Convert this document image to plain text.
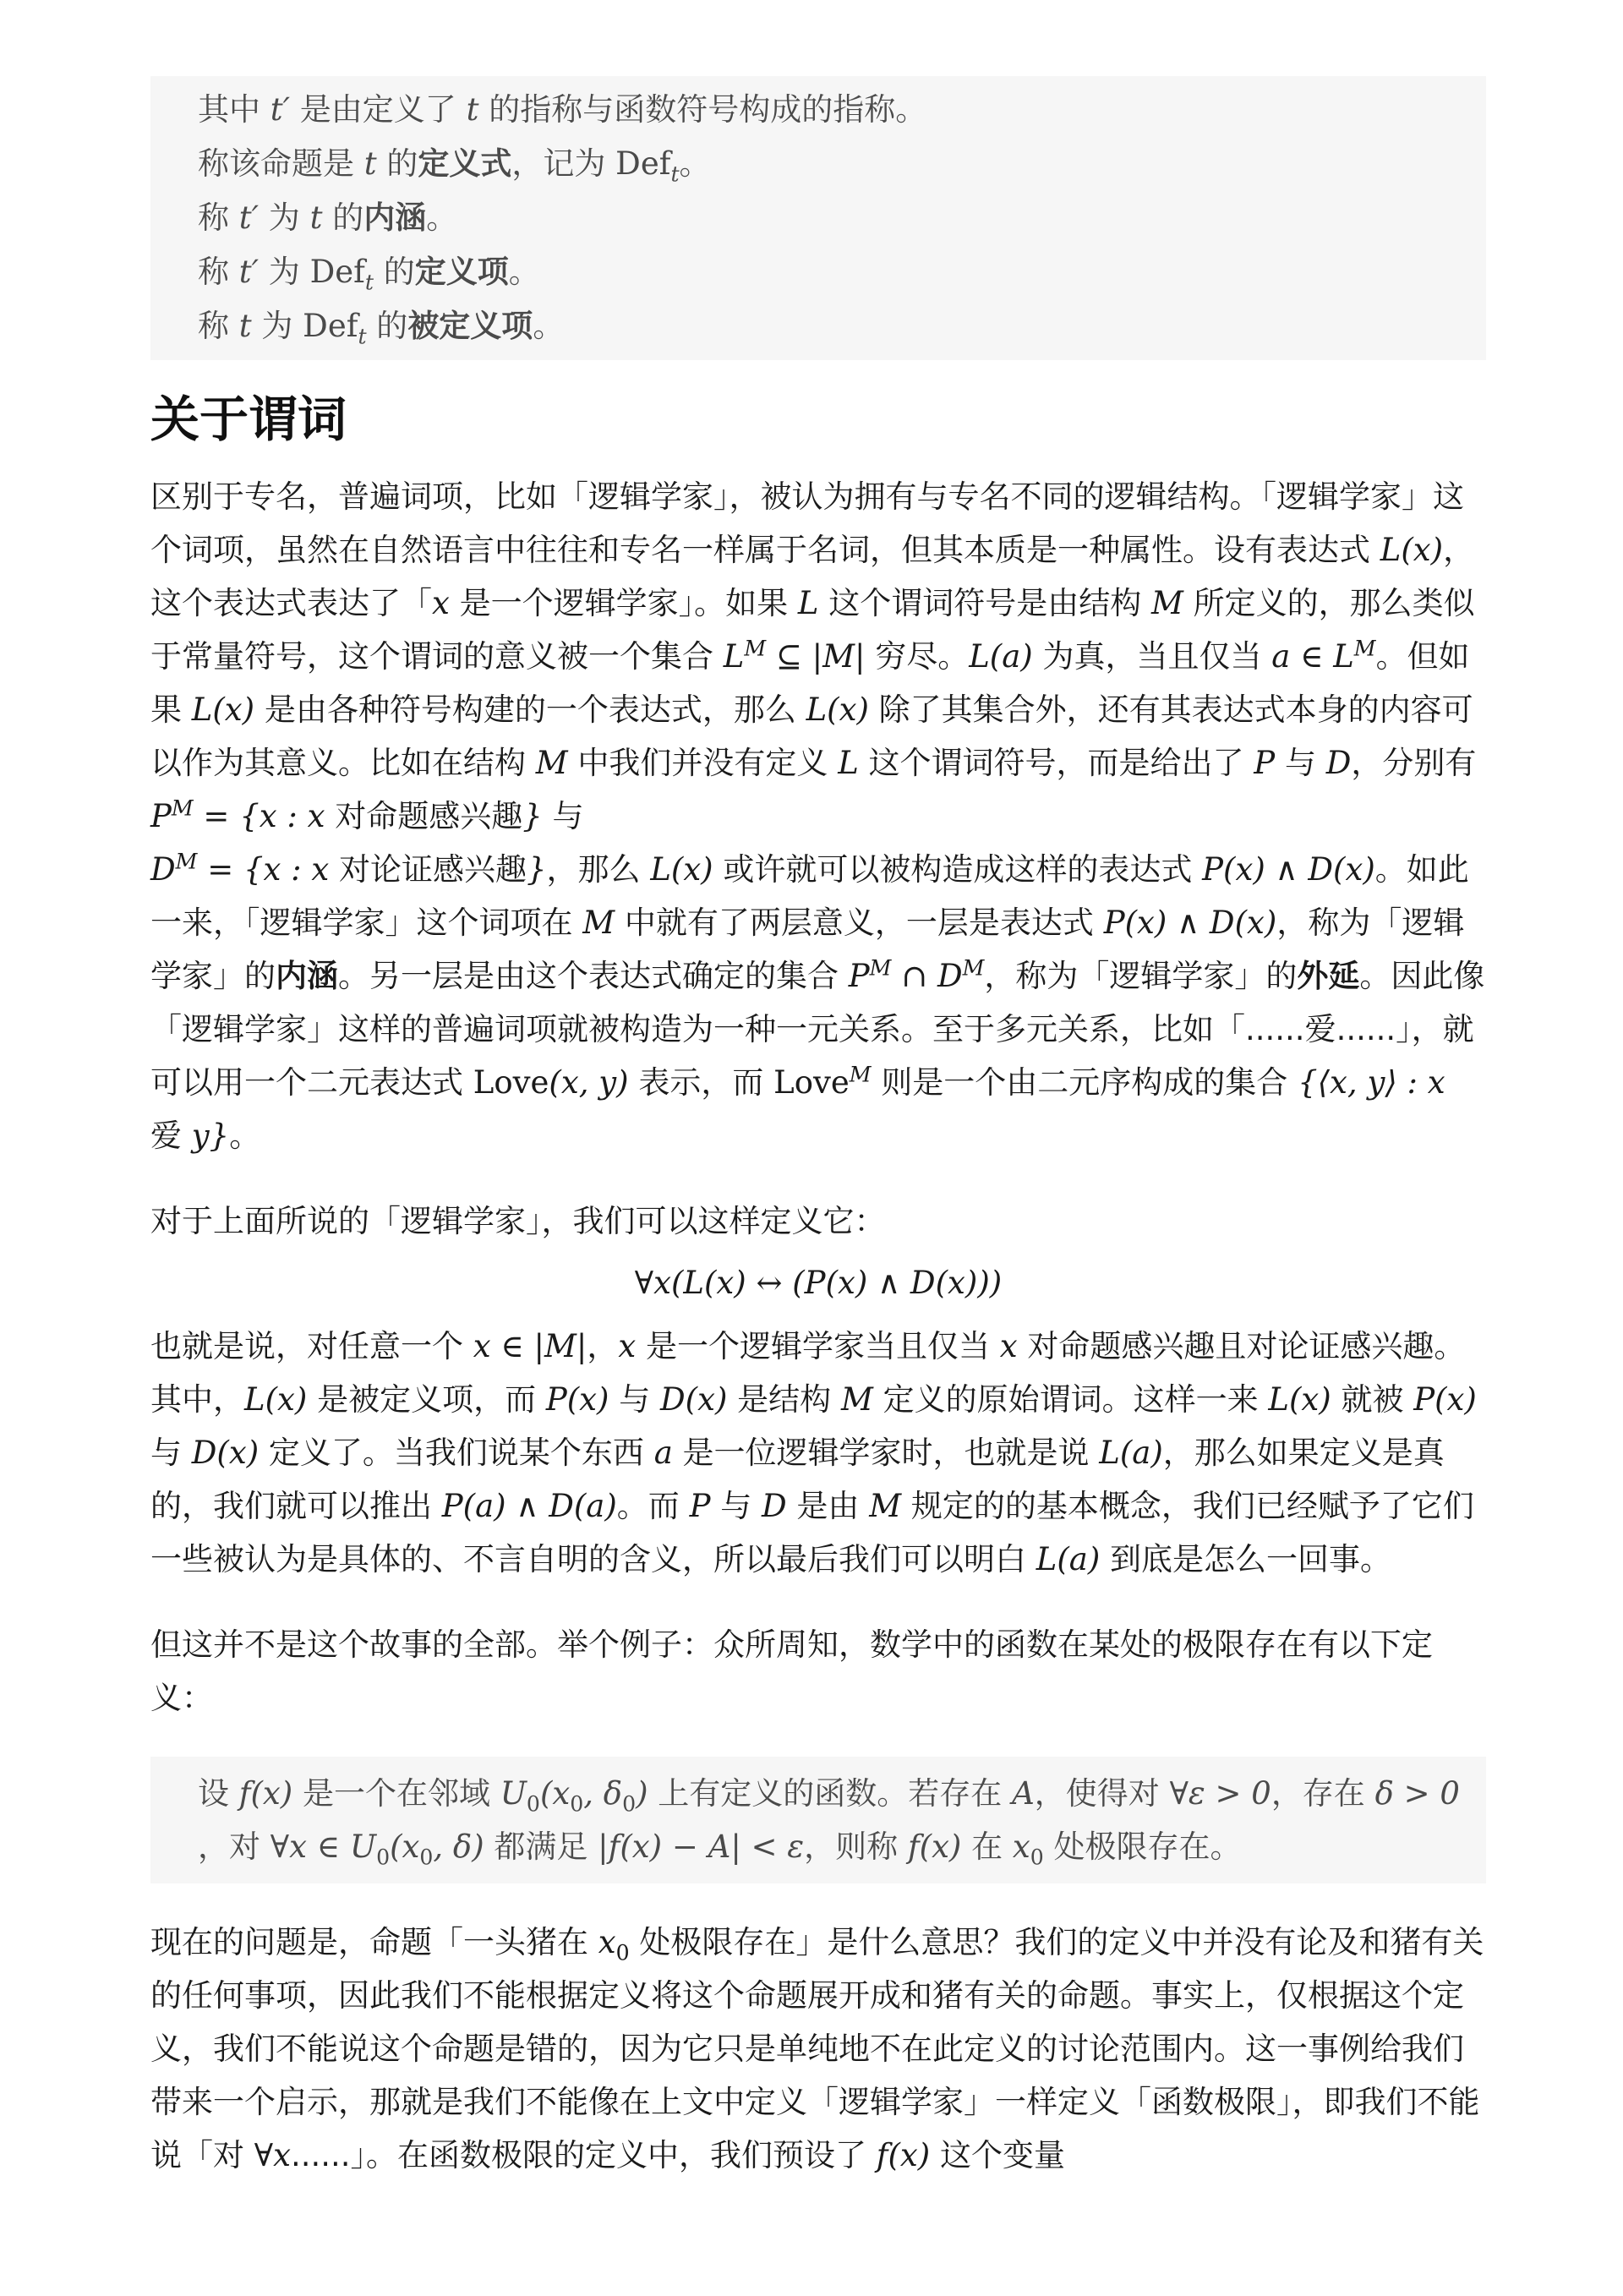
其中 t′ 是由定义了 t 的指称与函数符号构成的指称。

称该命题是 t 的定义式，记为 Def$_t$。

称 t′ 为 t 的内涵。

称 t′ 为 Def$_t$ 的定义项。

称 t 为 Def$_t$ 的被定义项。

关于谓词

区别于专名，普遍词项，比如「逻辑学家」，被认为拥有与专名不同的逻辑结构。「逻辑学家」这个词项，虽然在自然语言中往往和专名一样属于名词，但其本质是一种属性。设有表达式 L(x)，这个表达式表达了「x 是一个逻辑学家」。如果 L 这个谓词符号是由结构 M 所定义的，那么类似于常量符号，这个谓词的意义被一个集合 $L^M$ ⊆ |M| 穷尽。L(a) 为真，当且仅当 a ∈ $L^M$。但如果 L(x) 是由各种符号构建的一个表达式，那么 L(x) 除了其集合外，还有其表达式本身的内容可以作为其意义。比如在结构 M 中我们并没有定义 L 这个谓词符号，而是给出了 P 与 D，分别有 $P^M = \{x$ : x 对命题感兴趣} 与
$D^M = \{x$ : x 对论证感兴趣}，那么 L(x) 或许就可以被构造成这样的表达式 P(x) ∧ D(x)。如此一来，「逻辑学家」这个词项在 M 中就有了两层意义，一层是表达式 P(x) ∧ D(x)，称为「逻辑学家」的内涵。另一层是由这个表达式确定的集合 $P^M$ ∩ $D^M$，称为「逻辑学家」的外延。因此像「逻辑学家」这样的普遍词项就被构造为一种一元关系。至于多元关系，比如「......爱......」，就可以用一个二元表达式 Love(x, y) 表示，而 Love$^M$ 则是一个由二元序构成的集合 {⟨x, y⟩ : x 爱 y}。

对于上面所说的「逻辑学家」，我们可以这样定义它：

∀x(L(x) ↔ (P(x) ∧ D(x)))

也就是说，对任意一个 x ∈ |M|，x 是一个逻辑学家当且仅当 x 对命题感兴趣且对论证感兴趣。其中，L(x) 是被定义项，而 P(x) 与 D(x) 是结构 M 定义的原始谓词。这样一来 L(x) 就被 P(x) 与 D(x) 定义了。当我们说某个东西 a 是一位逻辑学家时，也就是说 L(a)，那么如果定义是真的，我们就可以推出 P(a) ∧ D(a)。而 P 与 D 是由 M 规定的的基本概念，我们已经赋予了它们一些被认为是具体的、不言自明的含义，所以最后我们可以明白 L(a) 到底是怎么一回事。

但这并不是这个故事的全部。举个例子：众所周知，数学中的函数在某处的极限存在有以下定义：

设 f(x) 是一个在邻域 $U_0(x_0$, $\delta_0$) 上有定义的函数。若存在 A，使得对 ∀ε > 0，存在 δ > 0
，对 ∀x ∈ $U_0(x_0$, δ) 都满足 |f(x) − A| < ε，则称 f(x) 在 $x_0$ 处极限存在。

现在的问题是，命题「一头猪在 $x_0$ 处极限存在」是什么意思？我们的定义中并没有论及和猪有关的任何事项，因此我们不能根据定义将这个命题展开成和猪有关的命题。事实上，仅根据这个定义，我们不能说这个命题是错的，因为它只是单纯地不在此定义的讨论范围内。这一事例给我们带来一个启示，那就是我们不能像在上文中定义「逻辑学家」一样定义「函数极限」，即我们不能说「对 ∀x......」。在函数极限的定义中，我们预设了 f(x) 这个变量
